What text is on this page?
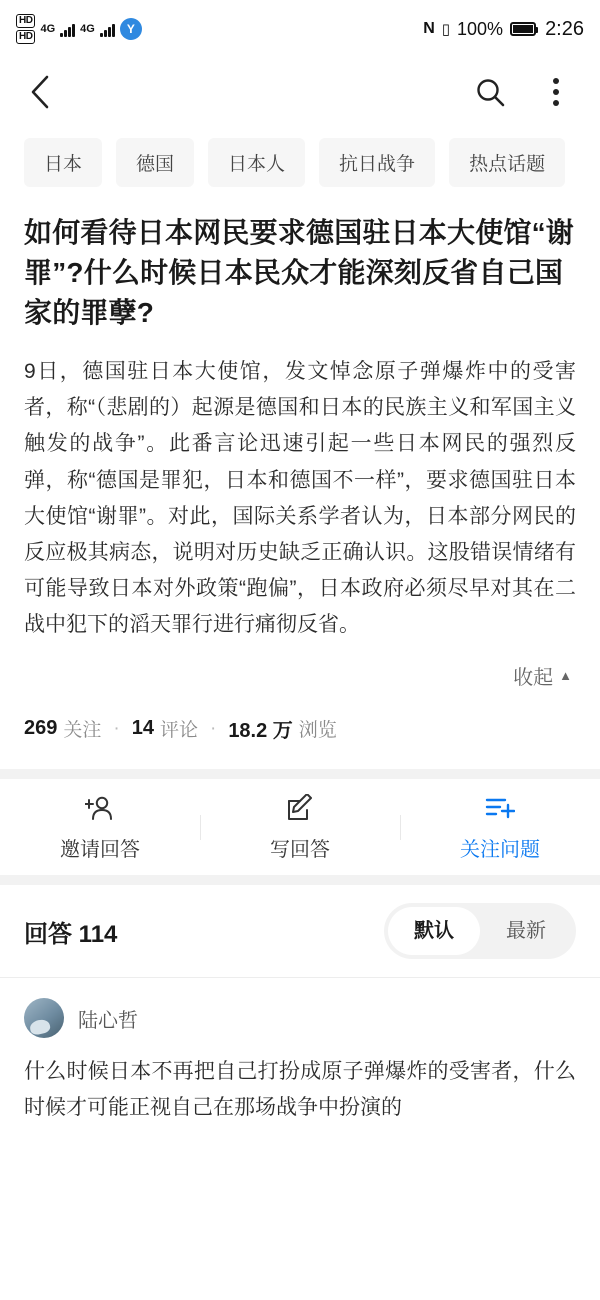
HD
HD
4G 4G	Y	N ▯ 100% 2:26
日本	德国	日本人	抗日战争	热点话题
如何看待日本网民要求德国驻日本大使馆“谢罪”?什么时候日本民众才能深刻反省自己国家的罪孽?

9日，德国驻日本大使馆，发文悼念原子弹爆炸中的受害者，称“（悲剧的）起源是德国和日本的民族主义和军国主义触发的战争”。此番言论迅速引起一些日本网民的强烈反弹，称“德国是罪犯，日本和德国不一样”，要求德国驻日本大使馆“谢罪”。对此，国际关系学者认为，日本部分网民的反应极其病态，说明对历史缺乏正确认识。这股错误情绪有可能导致日本对外政策“跑偏”，日本政府必须尽早对其在二战中犯下的滔天罪行进行痛彻反省。

收起 ▲
269 关注 · 14 评论 · 18.2 万 浏览
邀请回答	写回答	关注问题
回答 114	默认	最新
陆心哲

什么时候日本不再把自己打扮成原子弹爆炸的受害者，什么时候才可能正视自己在那场战争中扮演的
